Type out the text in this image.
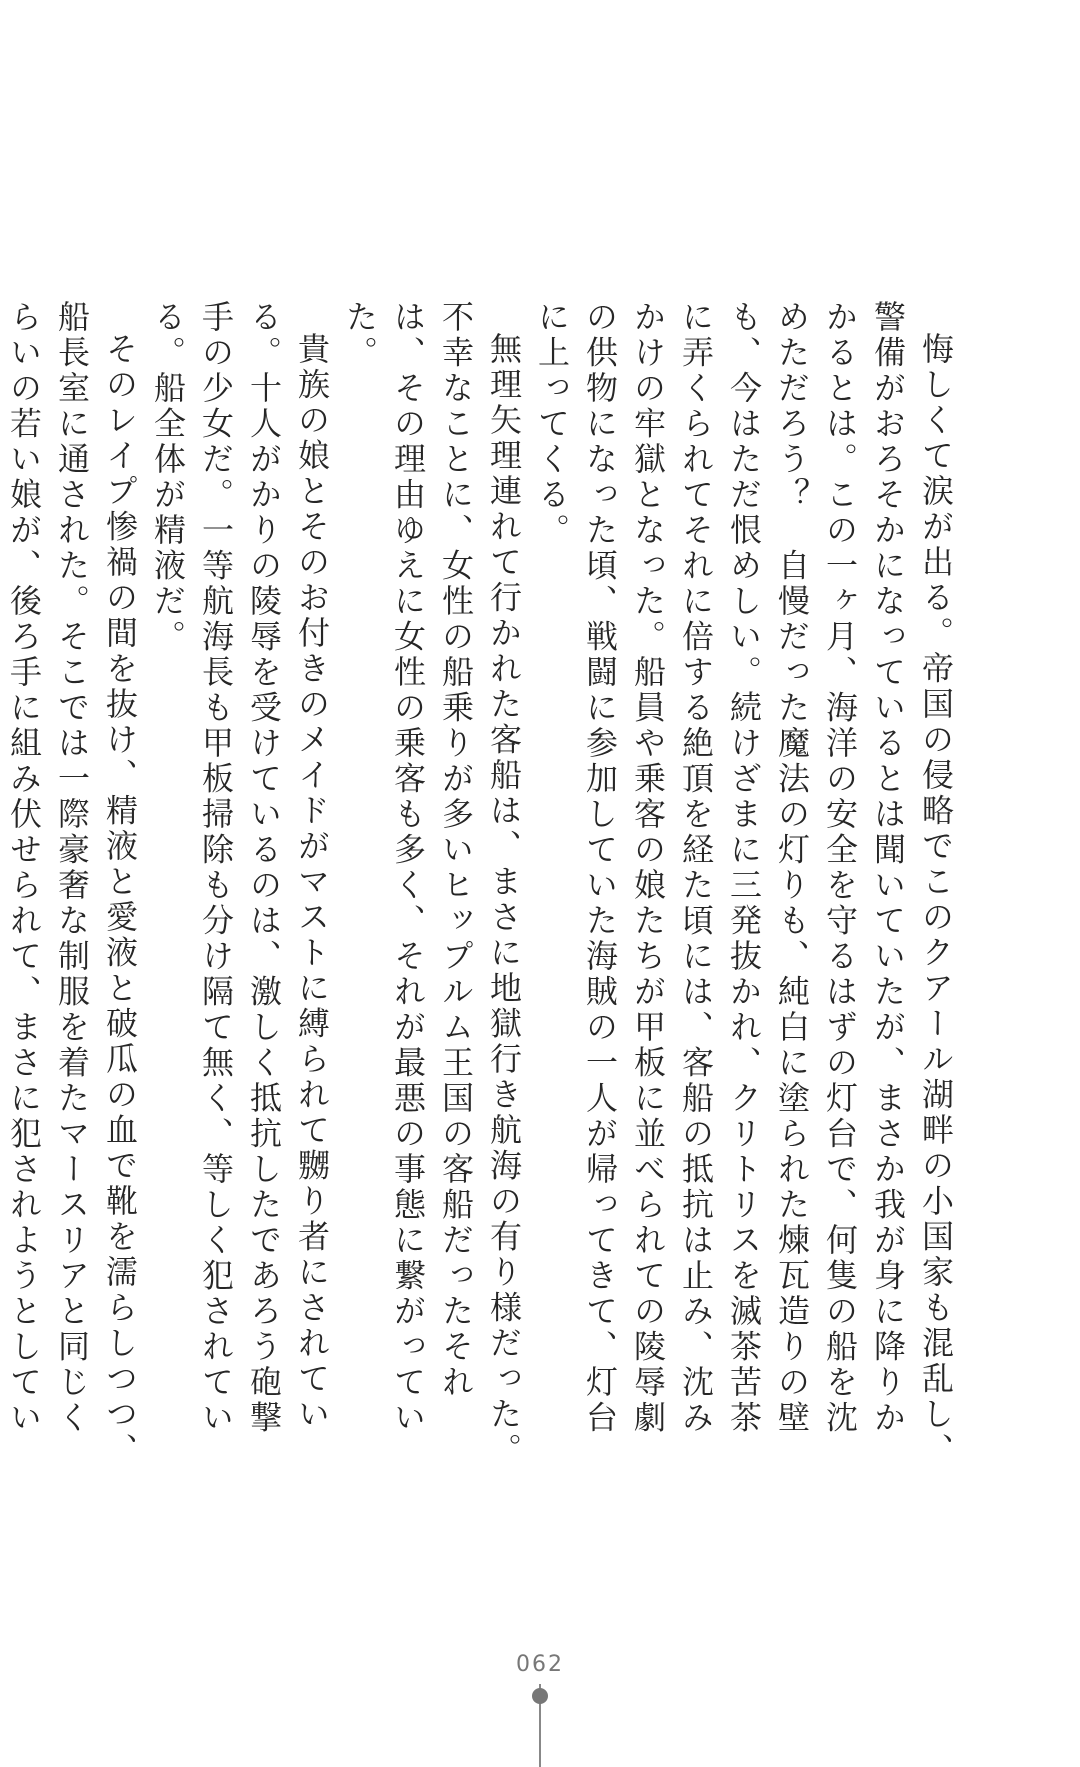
悔しくて涙が出る。帝国の侵略でこのクアール湖畔の小国家も混乱し、警備がおろそかになっているとは聞いていたが、まさか我が身に降りかかるとは。この一ヶ月、海洋の安全を守るはずの灯台で、何隻の船を沈めただろう？　自慢だった魔法の灯りも、純白に塗られた煉瓦造りの壁も、今はただ恨めしい。続けざまに三発抜かれ、クリトリスを滅茶苦茶に弄くられてそれに倍する絶頂を経た頃には、客船の抵抗は止み、沈みかけの牢獄となった。船員や乗客の娘たちが甲板に並べられての陵辱劇の供物になった頃、戦闘に参加していた海賊の一人が帰ってきて、灯台に上ってくる。

無理矢理連れて行かれた客船は、まさに地獄行き航海の有り様だった。不幸なことに、女性の船乗りが多いヒップルム王国の客船だったそれは、その理由ゆえに女性の乗客も多く、それが最悪の事態に繋がっていた。

貴族の娘とそのお付きのメイドがマストに縛られて嬲り者にされている。十人がかりの陵辱を受けているのは、激しく抵抗したであろう砲撃手の少女だ。一等航海長も甲板掃除も分け隔て無く、等しく犯されている。船全体が精液だ。

そのレイプ惨禍の間を抜け、精液と愛液と破瓜の血で靴を濡らしつつ、船長室に通された。そこでは一際豪奢な制服を着たマースリアと同じくらいの若い娘が、後ろ手に組み伏せられて、まさに犯されようとしてい

062
